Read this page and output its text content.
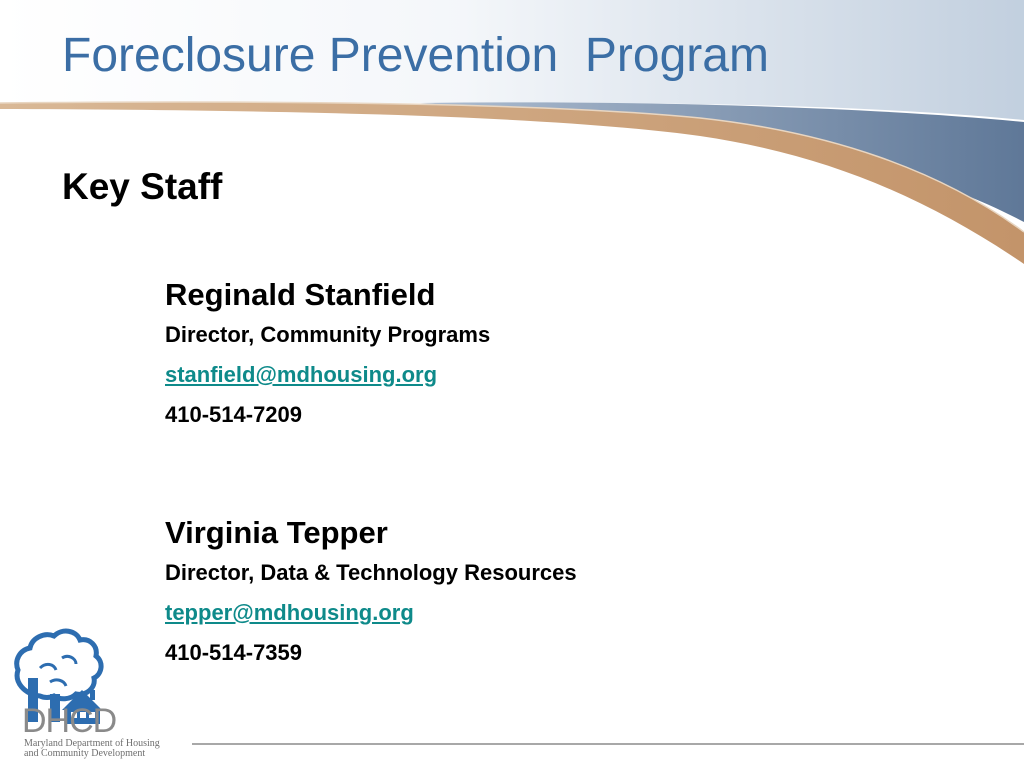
Foreclosure Prevention  Program
Key Staff
Reginald Stanfield
Director, Community Programs
stanfield@mdhousing.org
410-514-7209
Virginia Tepper
Director, Data & Technology Resources
tepper@mdhousing.org
410-514-7359
DHCD
Maryland Department of Housing
and Community Development
